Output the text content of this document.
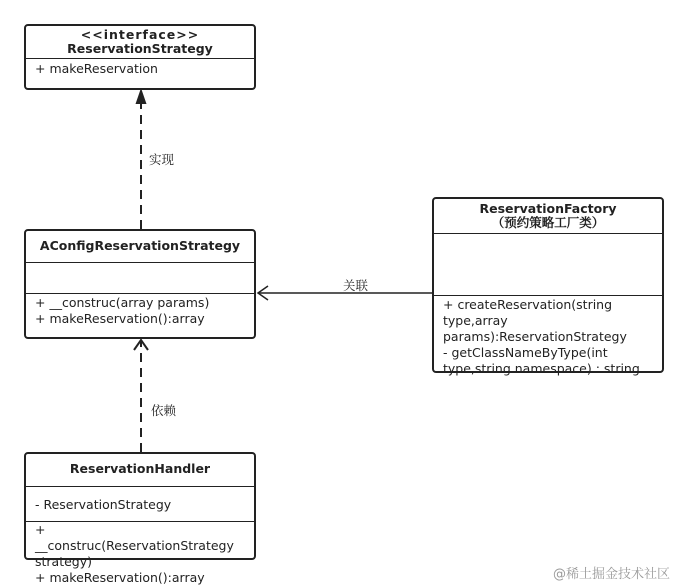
<<interface>>
ReservationStrategy
+ makeReservation
AConfigReservationStrategy
+ __construc(array params)
+ makeReservation():array
ReservationFactory
（预约策略工厂类）
+ createReservation(string type,array params):ReservationStrategy
- getClassNameByType(int type,string namespace) : string
ReservationHandler
- ReservationStrategy
+ __construc(ReservationStrategy strategy)
+ makeReservation():array
实现
关联
依赖
@稀土掘金技术社区
